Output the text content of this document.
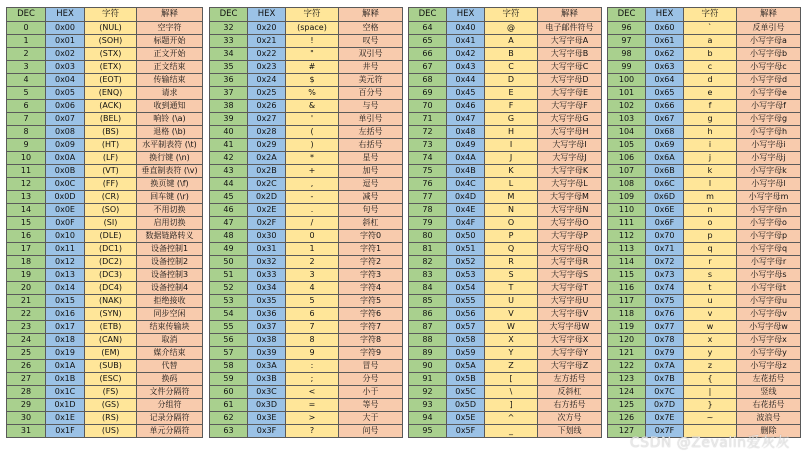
DEC	HEX	字符	解释
0	0x00	(NUL)	空字符
1	0x01	(SOH)	标题开始
2	0x02	(STX)	正文开始
3	0x03	(ETX)	正文结束
4	0x04	(EOT)	传输结束
5	0x05	(ENQ)	请求
6	0x06	(ACK)	收到通知
7	0x07	(BEL)	响铃 (\a)
8	0x08	(BS)	退格 (\b)
9	0x09	(HT)	水平制表符 (\t)
10	0x0A	(LF)	换行键 (\n)
11	0x0B	(VT)	垂直制表符 (\v)
12	0x0C	(FF)	换页键 (\f)
13	0x0D	(CR)	回车键 (\r)
14	0x0E	(SO)	不用切换
15	0x0F	(SI)	启用切换
16	0x10	(DLE)	数据链路转义
17	0x11	(DC1)	设备控制1
18	0x12	(DC2)	设备控制2
19	0x13	(DC3)	设备控制3
20	0x14	(DC4)	设备控制4
21	0x15	(NAK)	拒绝接收
22	0x16	(SYN)	同步空闲
23	0x17	(ETB)	结束传输块
24	0x18	(CAN)	取消
25	0x19	(EM)	媒介结束
26	0x1A	(SUB)	代替
27	0x1B	(ESC)	换码
28	0x1C	(FS)	文件分隔符
29	0x1D	(GS)	分组符
30	0x1E	(RS)	记录分隔符
31	0x1F	(US)	单元分隔符
DEC	HEX	字符	解释
32	0x20	(space)	空格
33	0x21	!	叹号
34	0x22	"	双引号
35	0x23	#	井号
36	0x24	$	美元符
37	0x25	%	百分号
38	0x26	&	与号
39	0x27	'	单引号
40	0x28	(	左括号
41	0x29	)	右括号
42	0x2A	*	星号
43	0x2B	+	加号
44	0x2C	,	逗号
45	0x2D	-	减号
46	0x2E	.	句号
47	0x2F	/	斜杠
48	0x30	0	字符0
49	0x31	1	字符1
50	0x32	2	字符2
51	0x33	3	字符3
52	0x34	4	字符4
53	0x35	5	字符5
54	0x36	6	字符6
55	0x37	7	字符7
56	0x38	8	字符8
57	0x39	9	字符9
58	0x3A	:	冒号
59	0x3B	;	分号
60	0x3C	<	小于
61	0x3D	=	等号
62	0x3E	>	大于
63	0x3F	?	问号
DEC	HEX	字符	解释
64	0x40	@	电子邮件符号
65	0x41	A	大写字母A
66	0x42	B	大写字母B
67	0x43	C	大写字母C
68	0x44	D	大写字母D
69	0x45	E	大写字母E
70	0x46	F	大写字母F
71	0x47	G	大写字母G
72	0x48	H	大写字母H
73	0x49	I	大写字母I
74	0x4A	J	大写字母J
75	0x4B	K	大写字母K
76	0x4C	L	大写字母L
77	0x4D	M	大写字母M
78	0x4E	N	大写字母N
79	0x4F	O	大写字母O
80	0x50	P	大写字母P
81	0x51	Q	大写字母Q
82	0x52	R	大写字母R
83	0x53	S	大写字母S
84	0x54	T	大写字母T
85	0x55	U	大写字母U
86	0x56	V	大写字母V
87	0x57	W	大写字母W
88	0x58	X	大写字母X
89	0x59	Y	大写字母Y
90	0x5A	Z	大写字母Z
91	0x5B	[	左方括号
92	0x5C	\	反斜杠
93	0x5D	]	右方括号
94	0x5E	^	次方号
95	0x5F	_	下划线
DEC	HEX	字符	解释
96	0x60	`	反单引号
97	0x61	a	小写字母a
98	0x62	b	小写字母b
99	0x63	c	小写字母c
100	0x64	d	小写字母d
101	0x65	e	小写字母e
102	0x66	f	小写字母f
103	0x67	g	小写字母g
104	0x68	h	小写字母h
105	0x69	i	小写字母i
106	0x6A	j	小写字母j
107	0x6B	k	小写字母k
108	0x6C	l	小写字母l
109	0x6D	m	小写字母m
110	0x6E	n	小写字母n
111	0x6F	o	小写字母o
112	0x70	p	小写字母p
113	0x71	q	小写字母q
114	0x72	r	小写字母r
115	0x73	s	小写字母s
116	0x74	t	小写字母t
117	0x75	u	小写字母u
118	0x76	v	小写字母v
119	0x77	w	小写字母w
120	0x78	x	小写字母x
121	0x79	y	小写字母y
122	0x7A	z	小写字母z
123	0x7B	{	左花括号
124	0x7C	|	竖线
125	0x7D	}	右花括号
126	0x7E	~	波浪号
127	0x7F		删除
CSDN @Zevalin爱灰灰
